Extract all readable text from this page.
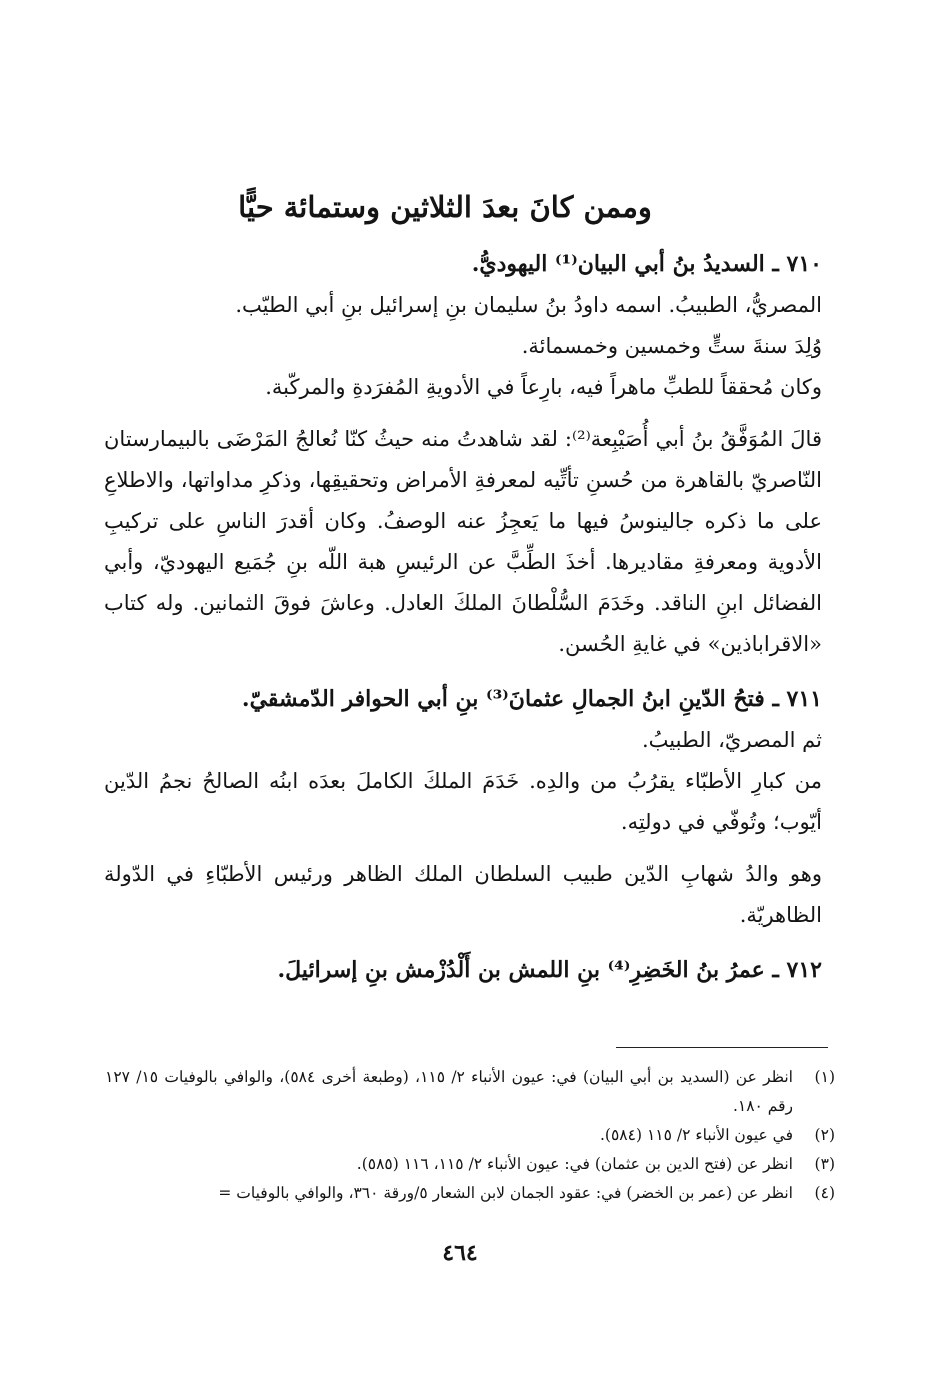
وممن كانَ بعدَ الثلاثين وستمائة حيًّا

٧١٠ ـ السديدُ بنُ أبي البيان⁽¹⁾ اليهوديُّ.

المصريُّ، الطبيبُ. اسمه داودُ بنُ سليمان بنِ إسرائيل بنِ أبي الطيّب.

وُلِدَ سنةَ ستٍّ وخمسين وخمسمائة.

وكان مُحققاً للطبِّ ماهراً فيه، بارِعاً في الأدويةِ المُفرَدةِ والمركّبة.

قالَ المُوَفَّقُ بنُ أبي أُصَيْبِعة⁽²⁾: لقد شاهدتُ منه حيثُ كنّا نُعالجُ المَرْضَى بالبيمارستان النّاصريّ بالقاهرة من حُسنِ تأتِّيه لمعرفةِ الأمراض وتحقيقِها، وذكرِ مداواتها، والاطلاعِ على ما ذكره جالينوسُ فيها ما يَعجِزُ عنه الوصفُ. وكان أقدرَ الناسِ على تركيبِ الأدوية ومعرفةِ مقاديرها. أخذَ الطِّبَّ عن الرئيسِ هبة اللّه بنِ جُمَيع اليهوديّ، وأبي الفضائل ابنِ الناقد. وخَدَمَ السُّلْطانَ الملكَ العادل. وعاشَ فوقَ الثمانين. وله كتاب «الاقراباذين» في غايةِ الحُسن.

٧١١ ـ فتحُ الدّينِ ابنُ الجمالِ عثمانَ⁽³⁾ بنِ أبي الحوافر الدّمشقيّ.

ثم المصريّ، الطبيبُ.

من كبارِ الأطبّاء يقرُبُ من والدِه. خَدَمَ الملكَ الكاملَ بعدَه ابنُه الصالحُ نجمُ الدّين أيّوب؛ وتُوفّي في دولتِه.

وهو والدُ شهابِ الدّين طبيب السلطان الملك الظاهر ورئيس الأطبّاءِ في الدّولة الظاهريّة.

٧١٢ ـ عمرُ بنُ الخَضِرِ⁽⁴⁾ بنِ اللمش بن أَلْدُزْمش بنِ إسرائيلَ.

(١)
انظر عن (السديد بن أبي البيان) في: عيون الأنباء ٢/ ١١٥، (وطبعة أخرى ٥٨٤)، والوافي بالوفيات ١٥/ ١٢٧ رقم ١٨٠.
(٢)
في عيون الأنباء ٢/ ١١٥ (٥٨٤).
(٣)
انظر عن (فتح الدين بن عثمان) في: عيون الأنباء ٢/ ١١٥، ١١٦ (٥٨٥).
(٤)
انظر عن (عمر بن الخضر) في: عقود الجمان لابن الشعار ٥/ورقة ٣٦٠، والوافي بالوفيات =
٤٦٤
